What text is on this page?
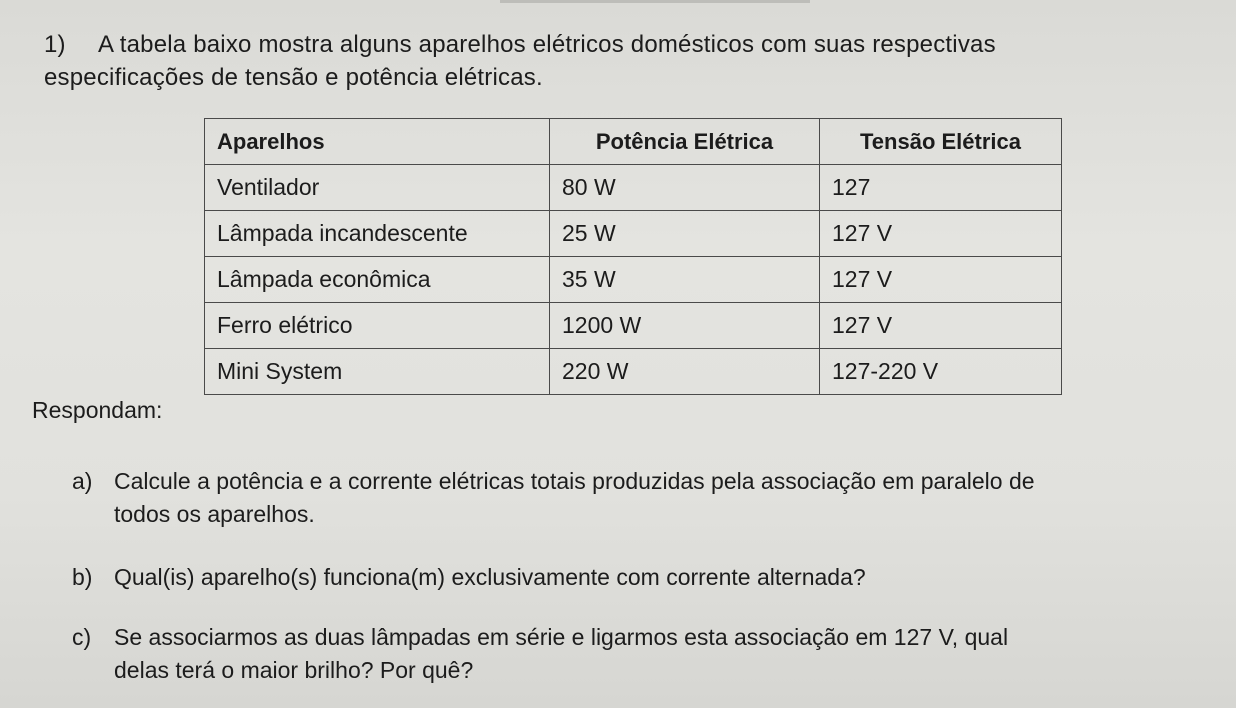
1) A tabela baixo mostra alguns aparelhos elétricos domésticos com suas respectivas
especificações de tensão e potência elétricas.
Aparelhos	Potência Elétrica	Tensão Elétrica
Ventilador	80 W	127
Lâmpada incandescente	25 W	127 V
Lâmpada econômica	35 W	127 V
Ferro elétrico	1200 W	127 V
Mini System	220 W	127-220 V
Respondam:
a) Calcule a potência e a corrente elétricas totais produzidas pela associação em paralelo de
todos os aparelhos.
b) Qual(is) aparelho(s) funciona(m) exclusivamente com corrente alternada?
c) Se associarmos as duas lâmpadas em série e ligarmos esta associação em 127 V, qual
delas terá o maior brilho? Por quê?
